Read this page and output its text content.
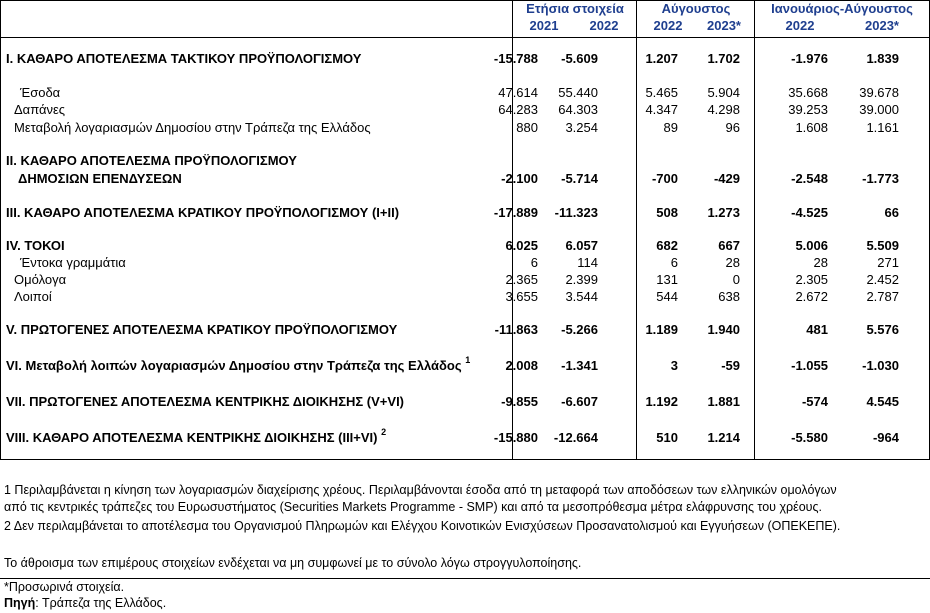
Ετήσια στοιχεία	Αύγουστος	Ιανουάριος-Αύγουστος
2021	2022	2022	2023*	2022	2023*
I. ΚΑΘΑΡΟ ΑΠΟΤΕΛΕΣΜΑ ΤΑΚΤΙΚΟΥ ΠΡΟΫΠΟΛΟΓΙΣΜΟΥ	-15.788	-5.609	1.207	1.702	-1.976	1.839
Έσοδα	47.614	55.440	5.465	5.904	35.668	39.678
Δαπάνες	64.283	64.303	4.347	4.298	39.253	39.000
Μεταβολή λογαριασμών Δημοσίου στην Τράπεζα της Ελλάδος	880	3.254	89	96	1.608	1.161
II. ΚΑΘΑΡΟ ΑΠΟΤΕΛΕΣΜΑ ΠΡΟΫΠΟΛΟΓΙΣΜΟΥ
ΔΗΜΟΣΙΩΝ ΕΠΕΝΔΥΣΕΩΝ	-2.100	-5.714	-700	-429	-2.548	-1.773
III. ΚΑΘΑΡΟ ΑΠΟΤΕΛΕΣΜΑ ΚΡΑΤΙΚΟΥ ΠΡΟΫΠΟΛΟΓΙΣΜΟΥ (I+II)	-17.889	-11.323	508	1.273	-4.525	66
IV. ΤΟΚΟΙ	6.025	6.057	682	667	5.006	5.509
Έντοκα γραμμάτια	6	114	6	28	28	271
Ομόλογα	2.365	2.399	131	0	2.305	2.452
Λοιποί	3.655	3.544	544	638	2.672	2.787
V. ΠΡΩΤΟΓΕΝΕΣ ΑΠΟΤΕΛΕΣΜΑ ΚΡΑΤΙΚΟΥ ΠΡΟΫΠΟΛΟΓΙΣΜΟΥ	-11.863	-5.266	1.189	1.940	481	5.576
VI. Μεταβολή λοιπών λογαριασμών Δημοσίου στην Τράπεζα της Ελλάδος $^1$	2.008	-1.341	3	-59	-1.055	-1.030
VII. ΠΡΩΤΟΓΕΝΕΣ ΑΠΟΤΕΛΕΣΜΑ ΚΕΝΤΡΙΚΗΣ ΔΙΟΙΚΗΣΗΣ (V+VI)	-9.855	-6.607	1.192	1.881	-574	4.545
VIII. ΚΑΘΑΡΟ ΑΠΟΤΕΛΕΣΜΑ ΚΕΝΤΡΙΚΗΣ ΔΙΟΙΚΗΣΗΣ (III+VI) $^2$	-15.880	-12.664	510	1.214	-5.580	-964
1 Περιλαμβάνεται η κίνηση των λογαριασμών διαχείρισης χρέους. Περιλαμβάνονται έσοδα από τη μεταφορά των αποδόσεων των ελληνικών ομολόγων
από τις κεντρικές τράπεζες του Ευρωσυστήματος (Securities Markets Programme - SMP) και από τα μεσοπρόθεσμα μέτρα ελάφρυνσης του χρέους.
2 Δεν περιλαμβάνεται το αποτέλεσμα του Οργανισμού Πληρωμών και Ελέγχου Κοινοτικών Ενισχύσεων Προσανατολισμού και Εγγυήσεων (ΟΠΕΚΕΠΕ).
Το άθροισμα των επιμέρους στοιχείων ενδέχεται να μη συμφωνεί με το σύνολο λόγω στρογγυλοποίησης.
*Προσωρινά στοιχεία.
Πηγή: Τράπεζα της Ελλάδος.
